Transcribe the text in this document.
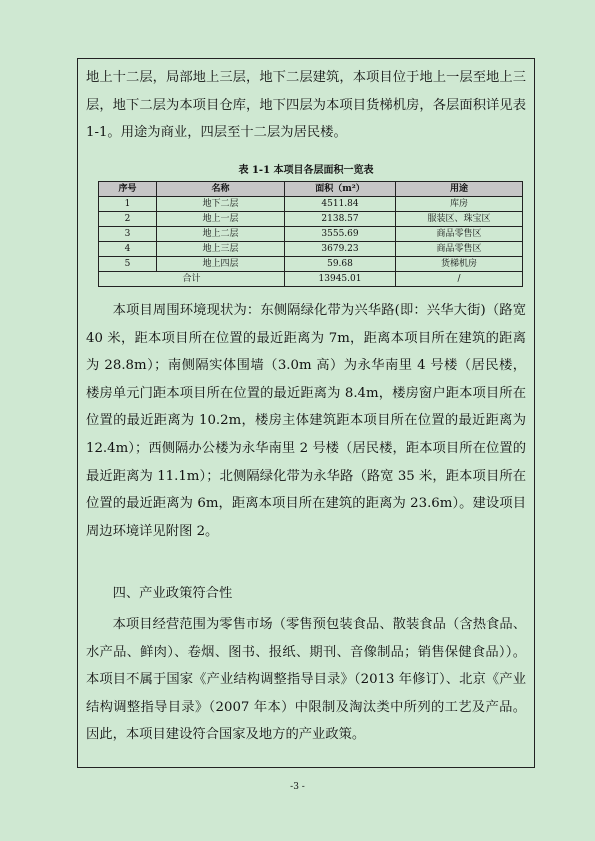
地上十二层，局部地上三层，地下二层建筑，本项目位于地上一层至地上三层，地下二层为本项目仓库，地下四层为本项目货梯机房，各层面积详见表 1-1。用途为商业，四层至十二层为居民楼。

表 1-1 本项目各层面积一览表
序号	名称	面积（m²）	用途
1	地下二层	4511.84	库房
2	地上一层	2138.57	服装区、珠宝区
3	地上二层	3555.69	商品零售区
4	地上三层	3679.23	商品零售区
5	地上四层	59.68	货梯机房
合计		13945.01	/

本项目周围环境现状为：东侧隔绿化带为兴华路(即：兴华大街)（路宽 40 米，距本项目所在位置的最近距离为 7m，距离本项目所在建筑的距离为 28.8m）；南侧隔实体围墙（3.0m 高）为永华南里 4 号楼（居民楼，楼房单元门距本项目所在位置的最近距离为 8.4m，楼房窗户距本项目所在位置的最近距离为 10.2m，楼房主体建筑距本项目所在位置的最近距离为 12.4m）；西侧隔办公楼为永华南里 2 号楼（居民楼，距本项目所在位置的最近距离为 11.1m）；北侧隔绿化带为永华路（路宽 35 米，距本项目所在位置的最近距离为 6m，距离本项目所在建筑的距离为 23.6m）。建设项目周边环境详见附图 2。

　　四、产业政策符合性

本项目经营范围为零售市场（零售预包装食品、散装食品（含热食品、水产品、鲜肉）、卷烟、图书、报纸、期刊、音像制品；销售保健食品））。本项目不属于国家《产业结构调整指导目录》（2013 年修订）、北京《产业结构调整指导目录》（2007 年本）中限制及淘汰类中所列的工艺及产品。因此，本项目建设符合国家及地方的产业政策。

-3 -
